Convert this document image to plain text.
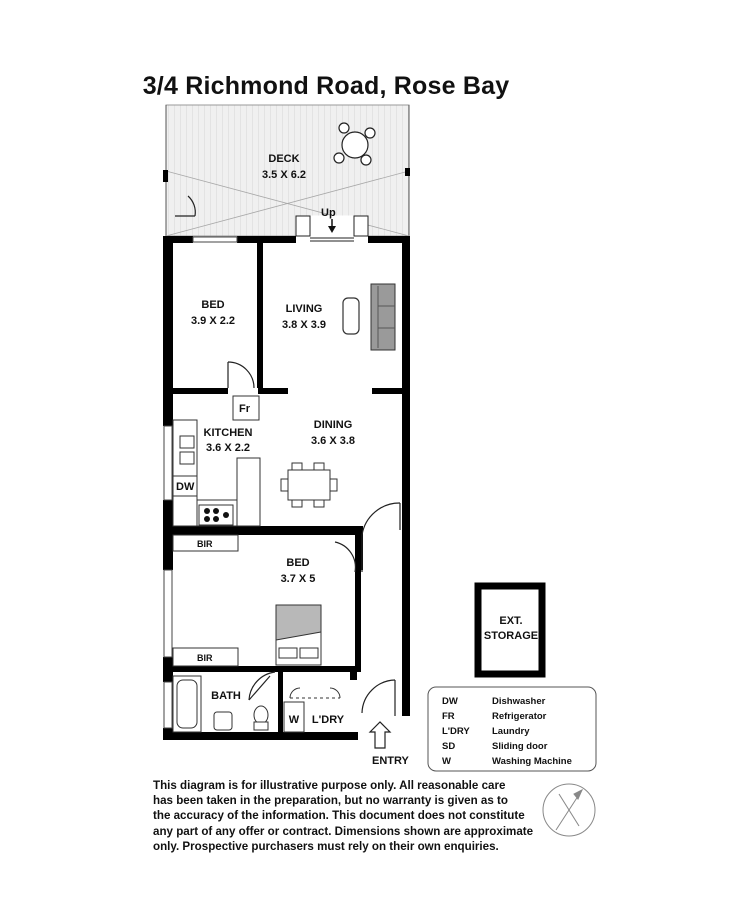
3/4 Richmond Road, Rose Bay
Up
Fr
DW
BIR
BIR
DECK
3.5 X 6.2
BED
3.9 X 2.2
LIVING
3.8 X 3.9
KITCHEN
3.6 X 2.2
DINING
3.6 X 3.8
BED
3.7 X 5
BATH
L'DRY
W
ENTRY
EXT.
STORAGE
DW	Dishwasher
FR	Refrigerator
L'DRY Laundry
SD	Sliding door
W	Washing Machine
This diagram is for illustrative purpose only. All reasonable care
has been taken in the preparation, but no warranty is given as to
the accuracy of the information. This document does not constitute
any part of any offer or contract. Dimensions shown are approximate
only. Prospective purchasers must rely on their own enquiries.
